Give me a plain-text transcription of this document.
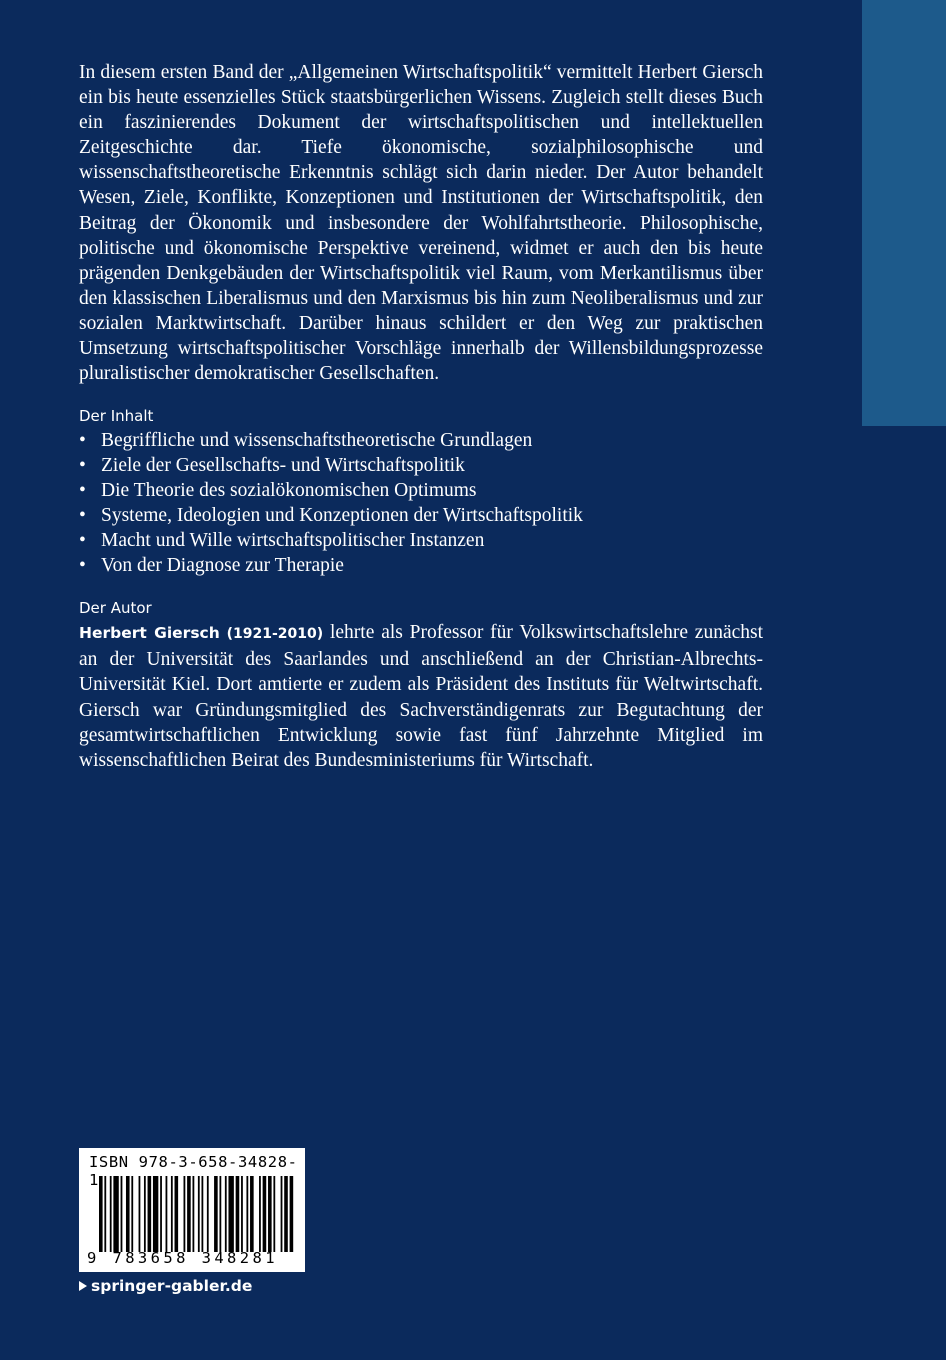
In diesem ersten Band der „Allgemeinen Wirtschaftspolitik“ vermittelt Herbert Giersch ein bis heute essenzielles Stück staatsbürgerlichen Wissens. Zugleich stellt dieses Buch ein faszinierendes Dokument der wirtschaftspolitischen und intellektuellen Zeitgeschichte dar. Tiefe ökonomische, sozialphilosophische und wissenschaftstheoretische Erkenntnis schlägt sich darin nieder. Der Autor behandelt Wesen, Ziele, Konflikte, Konzeptionen und Institutionen der Wirtschaftspolitik, den Beitrag der Ökonomik und insbesondere der Wohlfahrtstheorie. Philosophische, politische und ökonomische Perspektive vereinend, widmet er auch den bis heute prägenden Denkgebäuden der Wirtschaftspolitik viel Raum, vom Merkantilismus über den klassischen Liberalismus und den Marxismus bis hin zum Neoliberalismus und zur sozialen Marktwirtschaft. Darüber hinaus schildert er den Weg zur praktischen Umsetzung wirtschaftspolitischer Vorschläge innerhalb der Willensbildungsprozesse pluralistischer demokratischer Gesellschaften.

Der Inhalt
• Begriffliche und wissenschaftstheoretische Grundlagen
• Ziele der Gesellschafts- und Wirtschaftspolitik
• Die Theorie des sozialökonomischen Optimums
• Systeme, Ideologien und Konzeptionen der Wirtschaftspolitik
• Macht und Wille wirtschaftspolitischer Instanzen
• Von der Diagnose zur Therapie
Der Autor

Herbert Giersch (1921-2010) lehrte als Professor für Volkswirtschaftslehre zunächst an der Universität des Saarlandes und anschließend an der Christian-Albrechts-Universität Kiel. Dort amtierte er zudem als Präsident des Instituts für Weltwirtschaft. Giersch war Gründungsmitglied des Sachverständigenrats zur Begutachtung der gesamtwirtschaftlichen Entwicklung sowie fast fünf Jahrzehnte Mitglied im wissenschaftlichen Beirat des Bundesministeriums für Wirtschaft.

ISBN 978-3-658-34828-1
9 783658 348281
springer-gabler.de
